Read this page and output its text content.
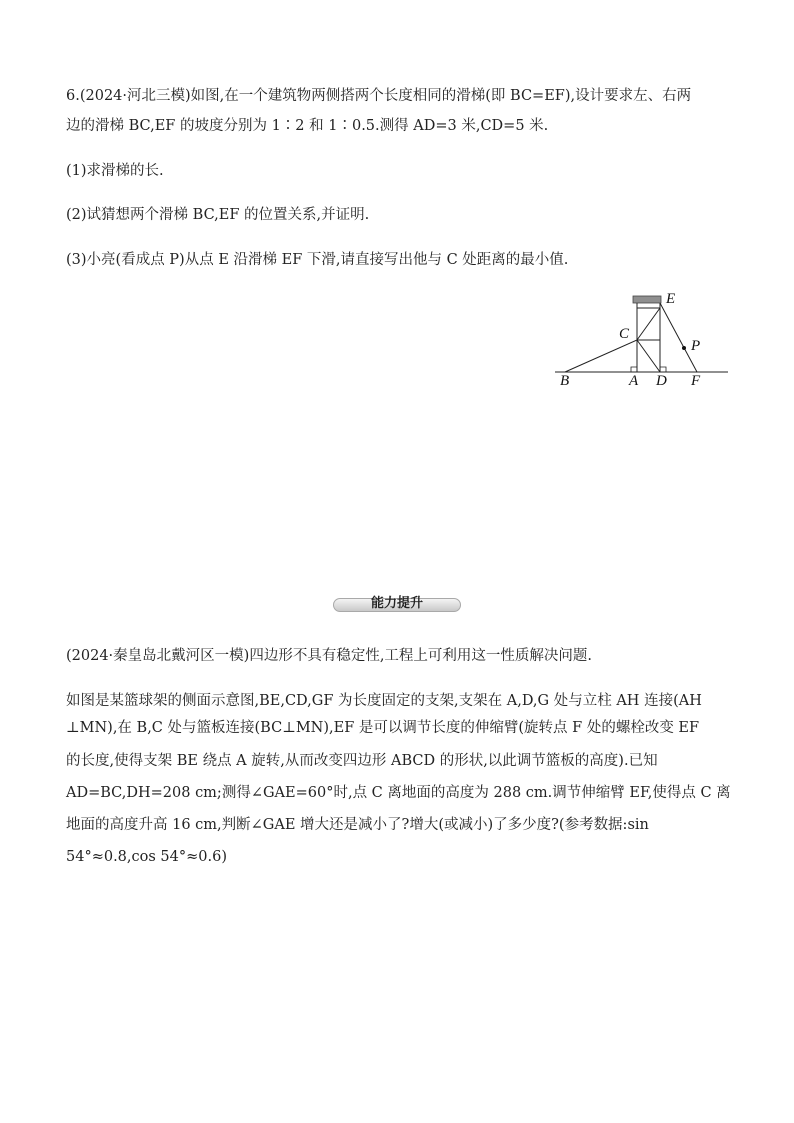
6.(2024·河北三模)如图,在一个建筑物两侧搭两个长度相同的滑梯(即 BC=EF),设计要求左、右两
边的滑梯 BC,EF 的坡度分别为 1∶2 和 1∶0.5.测得 AD=3 米,CD=5 米.
(1)求滑梯的长.
(2)试猜想两个滑梯 BC,EF 的位置关系,并证明.
(3)小亮(看成点 P)从点 E 沿滑梯 EF 下滑,请直接写出他与 C 处距离的最小值.
E
C
P
B	A D F
能力提升
(2024·秦皇岛北戴河区一模)四边形不具有稳定性,工程上可利用这一性质解决问题.
如图是某篮球架的侧面示意图,BE,CD,GF 为长度固定的支架,支架在 A,D,G 处与立柱 AH 连接(AH
⊥MN),在 B,C 处与篮板连接(BC⊥MN),EF 是可以调节长度的伸缩臂(旋转点 F 处的螺栓改变 EF
的长度,使得支架 BE 绕点 A 旋转,从而改变四边形 ABCD 的形状,以此调节篮板的高度).已知
AD=BC,DH=208 cm;测得∠GAE=60°时,点 C 离地面的高度为 288 cm.调节伸缩臂 EF,使得点 C 离
地面的高度升高 16 cm,判断∠GAE 增大还是减小了?增大(或减小)了多少度?(参考数据:sin
54°≈0.8,cos 54°≈0.6)
